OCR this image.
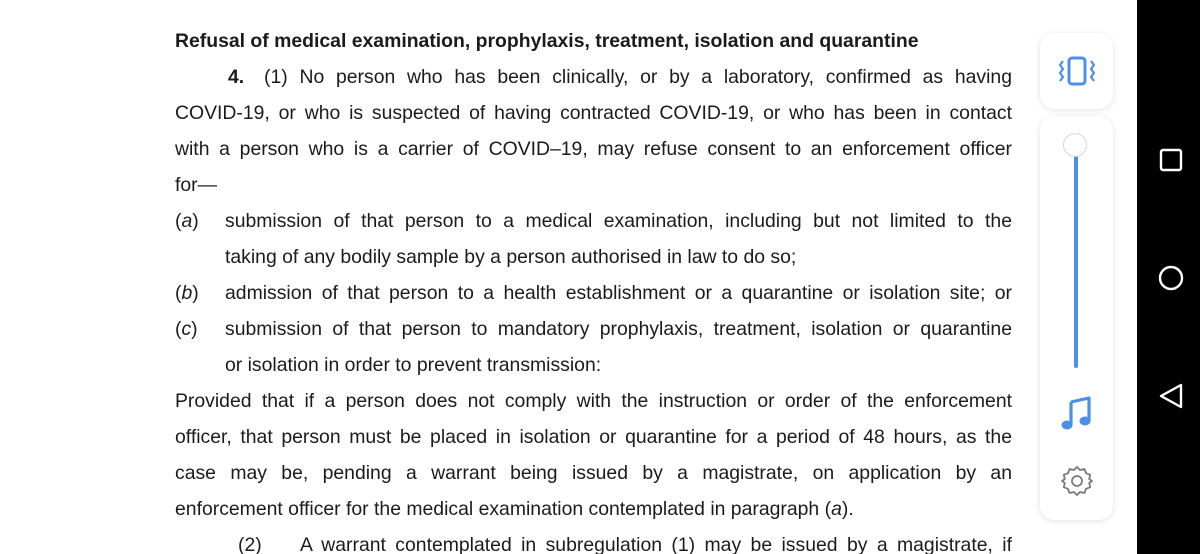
Refusal of medical examination, prophylaxis, treatment, isolation and quarantine
4. (1) No person who has been clinically, or by a laboratory, confirmed as having
COVID-19, or who is suspected of having contracted COVID-19, or who has been in contact
with a person who is a carrier of COVID–19, may refuse consent to an enforcement officer
for—
(a) submission of that person to a medical examination, including but not limited to the
taking of any bodily sample by a person authorised in law to do so;
(b) admission of that person to a health establishment or a quarantine or isolation site; or
(c) submission of that person to mandatory prophylaxis, treatment, isolation or quarantine
or isolation in order to prevent transmission:
Provided that if a person does not comply with the instruction or order of the enforcement
officer, that person must be placed in isolation or quarantine for a period of 48 hours, as the
case may be, pending a warrant being issued by a magistrate, on application by an
enforcement officer for the medical examination contemplated in paragraph (a).
(2)	A warrant contemplated in subregulation (1) may be issued by a magistrate, if
